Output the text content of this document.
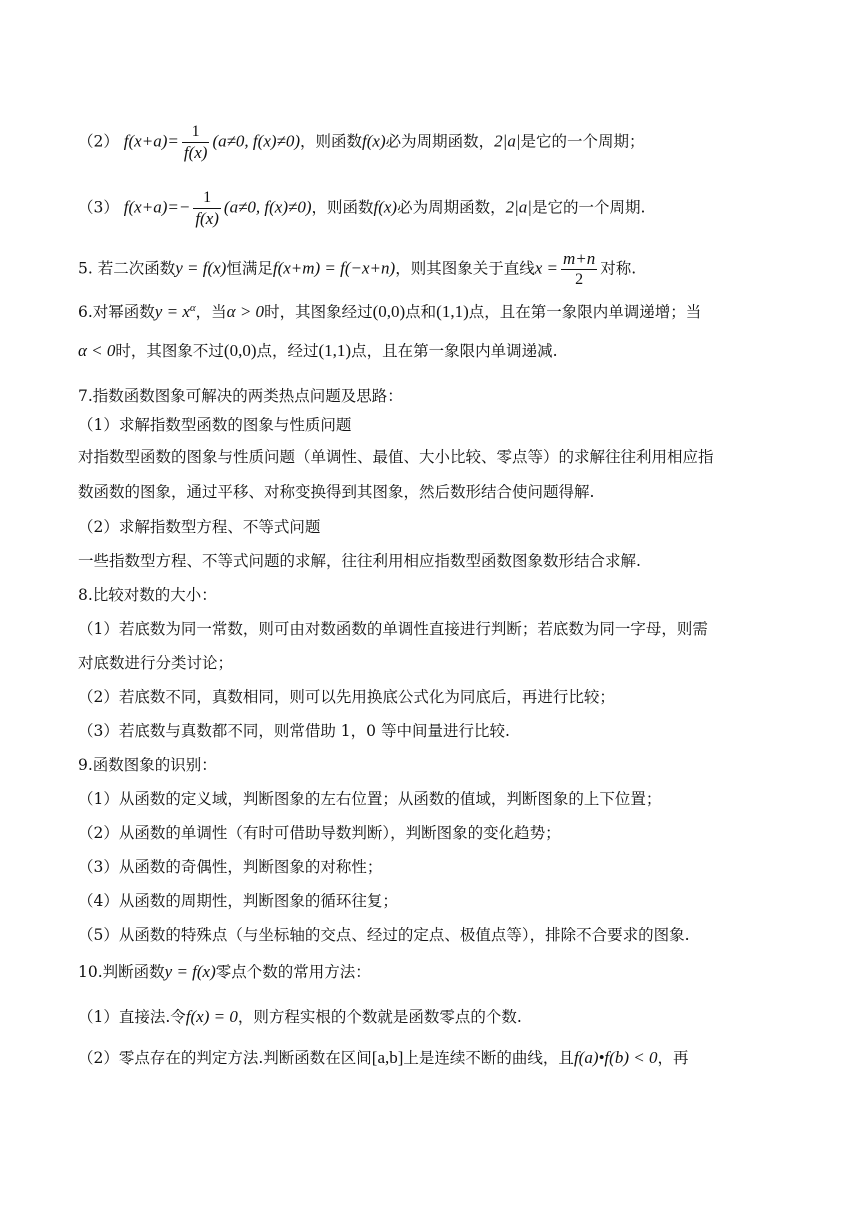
（2） $f(x+a)= \frac{1}{f(x)} (a\ne 0$, f(x)≠0)，则函数f(x)必为周期函数，2|a|是它的一个周期；
（3） $f(x+a)=- \frac{1}{f(x)} (a\ne 0$, f(x)≠0)，则函数f(x)必为周期函数，2|a|是它的一个周期.
5. 若二次函数y = f(x)恒满足f(x+m) = f(−x+n)，则其图象关于直线$x = \frac{m+n}{2}$ 对称.
6.对幂函数$y = x^\alpha$，当α > 0时，其图象经过(0,0)点和(1,1)点，且在第一象限内单调递增；当
α < 0时，其图象不过(0,0)点，经过(1,1)点，且在第一象限内单调递减.
7.指数函数图象可解决的两类热点问题及思路：
（1）求解指数型函数的图象与性质问题
对指数型函数的图象与性质问题（单调性、最值、大小比较、零点等）的求解往往利用相应指
数函数的图象，通过平移、对称变换得到其图象，然后数形结合使问题得解.
（2）求解指数型方程、不等式问题
一些指数型方程、不等式问题的求解，往往利用相应指数型函数图象数形结合求解.
8.比较对数的大小：
（1）若底数为同一常数，则可由对数函数的单调性直接进行判断；若底数为同一字母，则需
对底数进行分类讨论；
（2）若底数不同，真数相同，则可以先用换底公式化为同底后，再进行比较；
（3）若底数与真数都不同，则常借助 1，0 等中间量进行比较.
9.函数图象的识别：
（1）从函数的定义域，判断图象的左右位置；从函数的值域，判断图象的上下位置；
（2）从函数的单调性（有时可借助导数判断），判断图象的变化趋势；
（3）从函数的奇偶性，判断图象的对称性；
（4）从函数的周期性，判断图象的循环往复；
（5）从函数的特殊点（与坐标轴的交点、经过的定点、极值点等），排除不合要求的图象.
10.判断函数y = f(x)零点个数的常用方法：
（1）直接法.令f(x) = 0，则方程实根的个数就是函数零点的个数.
（2）零点存在的判定方法.判断函数在区间[a,b]上是连续不断的曲线，且f(a)•f(b) < 0，再
